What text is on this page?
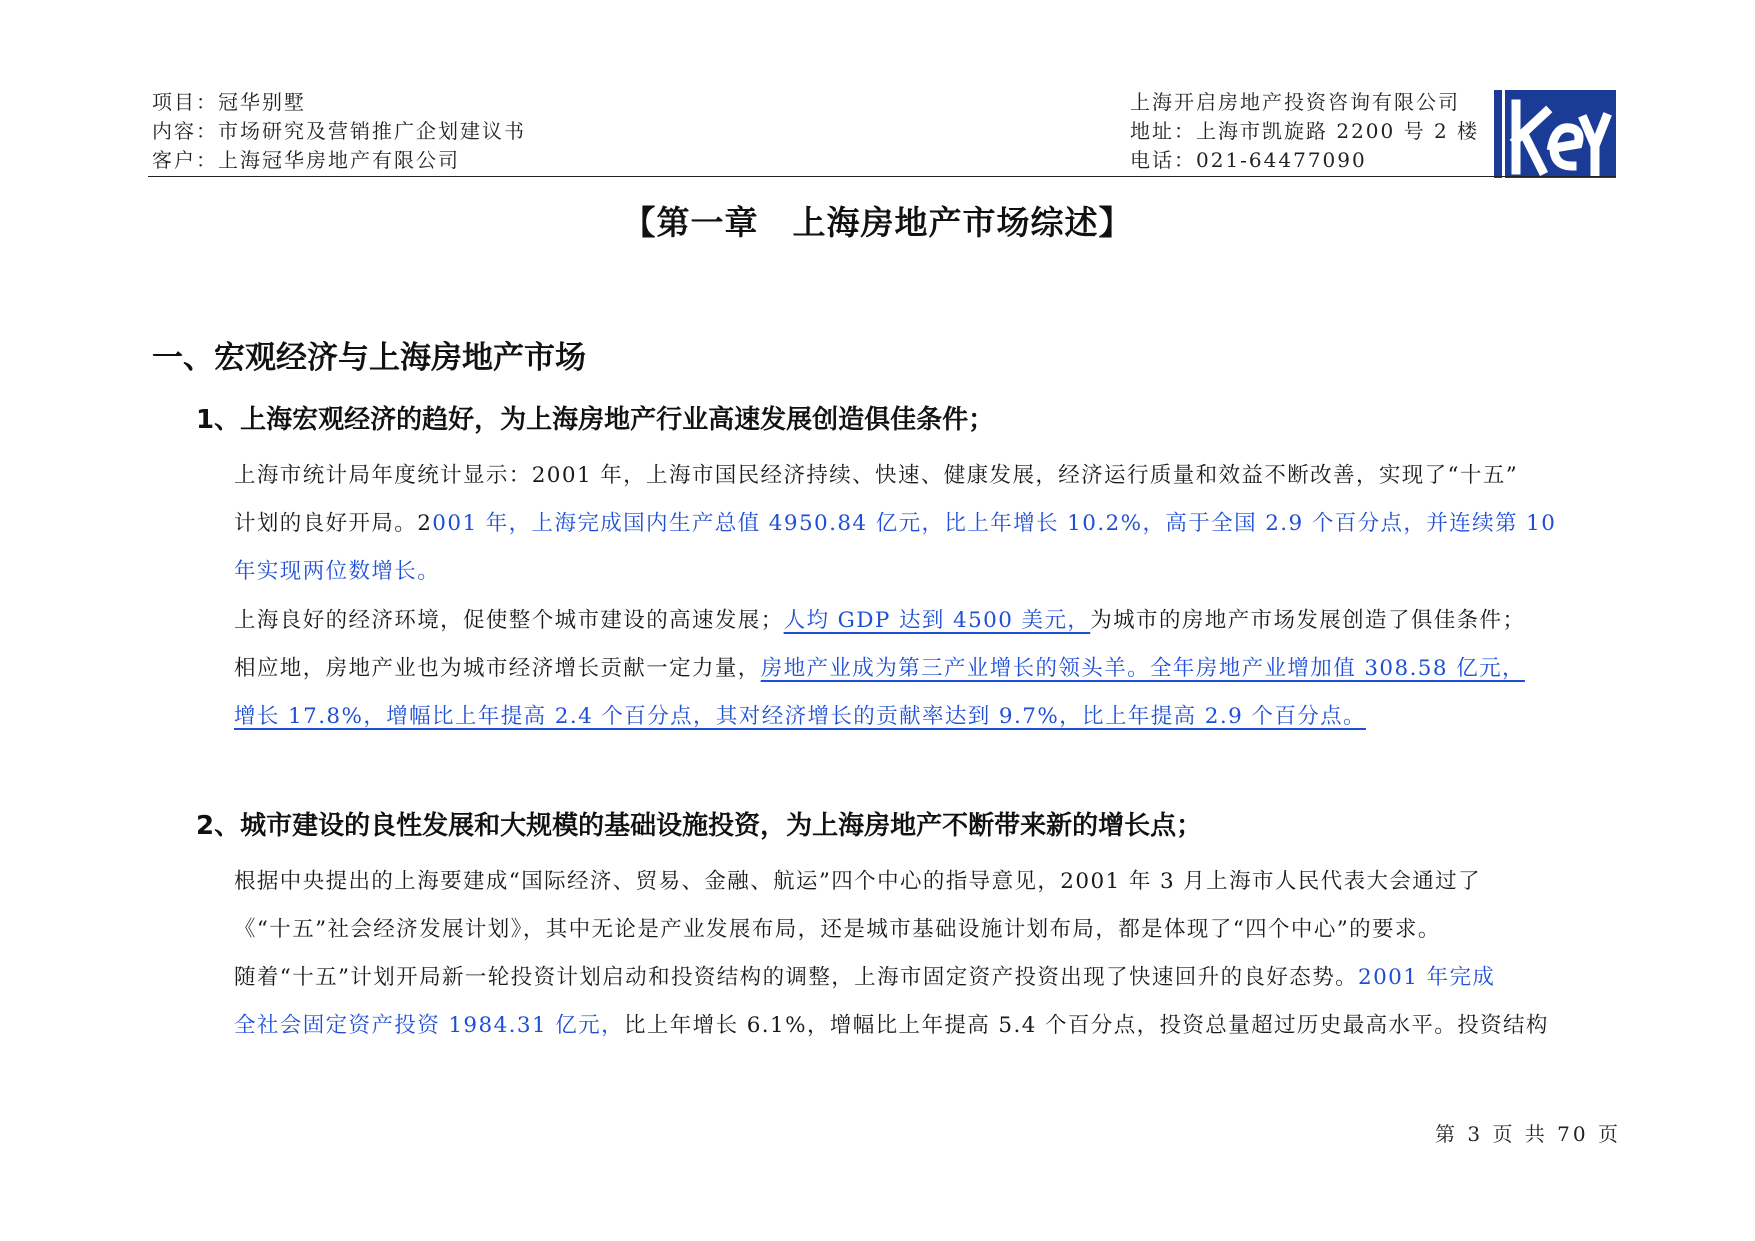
项目：冠华别墅
内容：市场研究及营销推广企划建议书
客户：上海冠华房地产有限公司
上海开启房地产投资咨询有限公司
地址：上海市凯旋路 2200 号 2 楼
电话：021-64477090
【第一章　上海房地产市场综述】
一、宏观经济与上海房地产市场
1、上海宏观经济的趋好，为上海房地产行业高速发展创造俱佳条件；
上海市统计局年度统计显示：2001 年，上海市国民经济持续、快速、健康发展，经济运行质量和效益不断改善，实现了“十五”
计划的良好开局。2001 年，上海完成国内生产总值 4950.84 亿元，比上年增长 10.2%，高于全国 2.9 个百分点，并连续第 10
年实现两位数增长。
上海良好的经济环境，促使整个城市建设的高速发展；人均 GDP 达到 4500 美元，为城市的房地产市场发展创造了俱佳条件；
相应地，房地产业也为城市经济增长贡献一定力量，房地产业成为第三产业增长的领头羊。全年房地产业增加值 308.58 亿元，
增长 17.8%，增幅比上年提高 2.4 个百分点，其对经济增长的贡献率达到 9.7%，比上年提高 2.9 个百分点。
2、城市建设的良性发展和大规模的基础设施投资，为上海房地产不断带来新的增长点；
根据中央提出的上海要建成“国际经济、贸易、金融、航运”四个中心的指导意见，2001 年 3 月上海市人民代表大会通过了
《“十五”社会经济发展计划》，其中无论是产业发展布局，还是城市基础设施计划布局，都是体现了“四个中心”的要求。
随着“十五”计划开局新一轮投资计划启动和投资结构的调整，上海市固定资产投资出现了快速回升的良好态势。2001 年完成
全社会固定资产投资 1984.31 亿元，比上年增长 6.1%，增幅比上年提高 5.4 个百分点，投资总量超过历史最高水平。投资结构
第 3 页 共 70 页
